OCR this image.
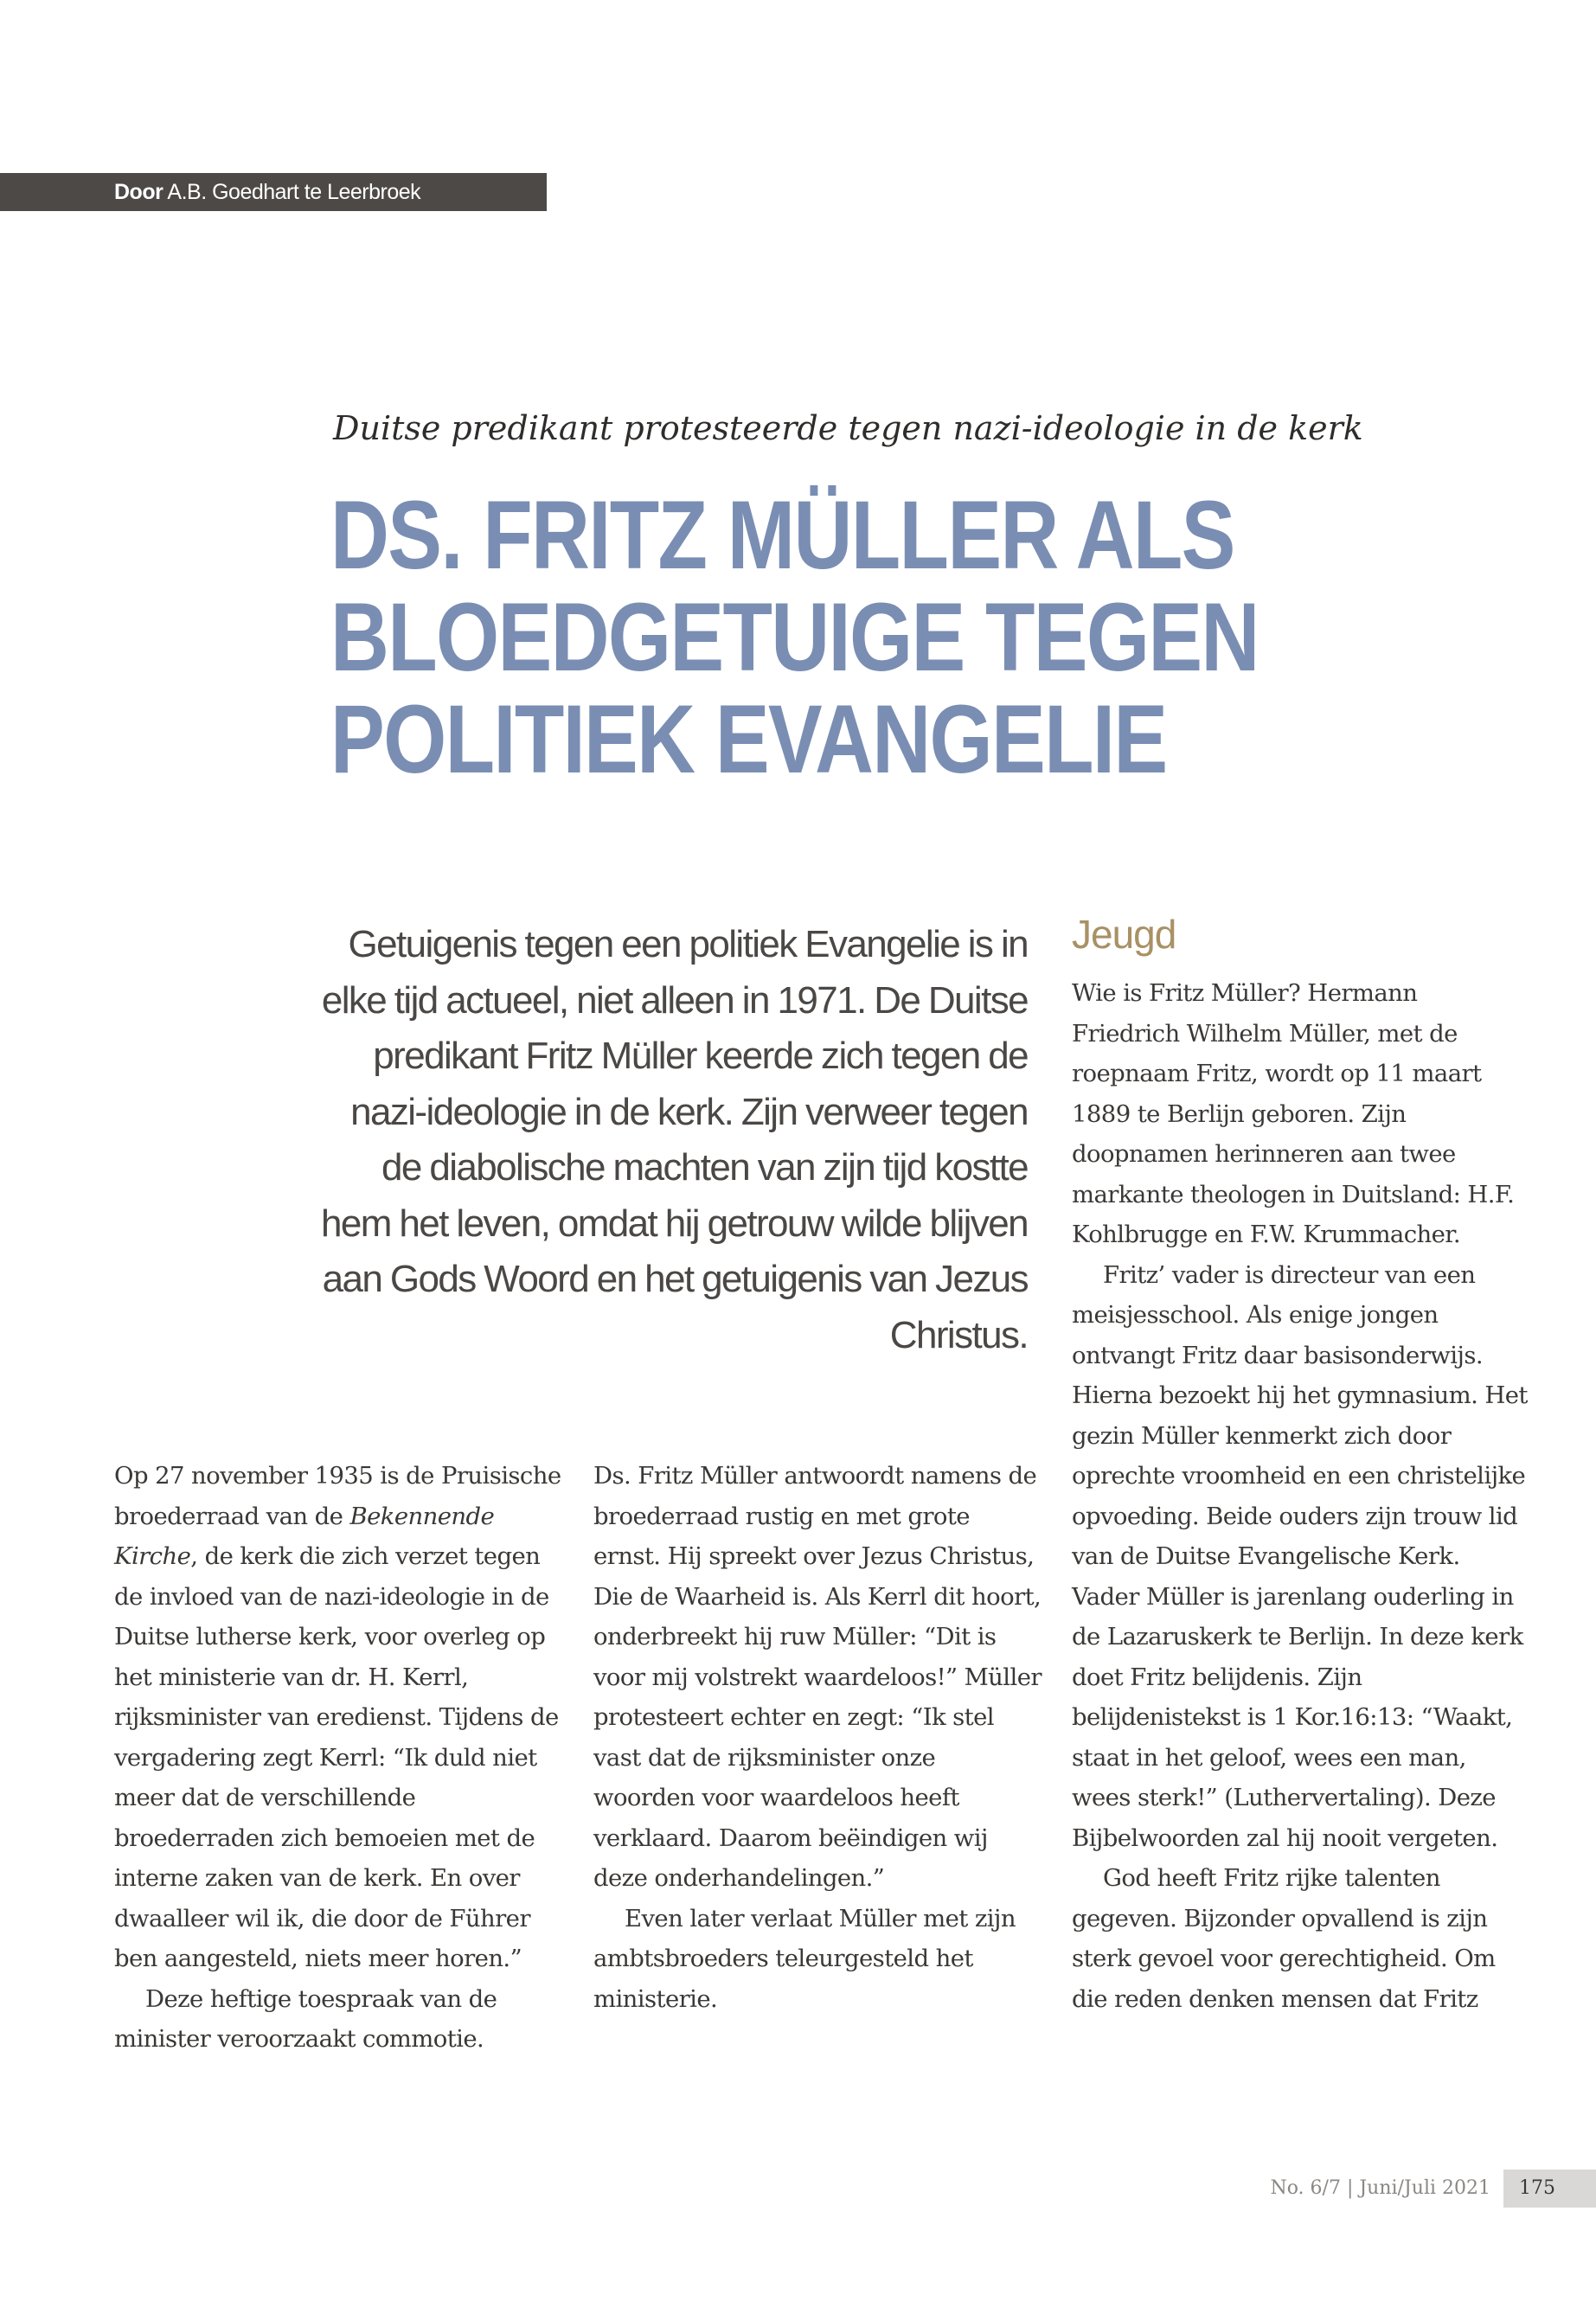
Door A.B. Goedhart te Leerbroek
Duitse predikant protesteerde tegen nazi-ideologie in de kerk
DS. FRITZ MÜLLER ALS
BLOEDGETUIGE TEGEN
POLITIEK EVANGELIE
Getuigenis tegen een politiek Evangelie is in elke tijd actueel, niet alleen in 1971. De Duitse predikant Fritz Müller keerde zich tegen de nazi-ideologie in de kerk. Zijn verweer tegen de diabolische machten van zijn tijd kostte hem het leven, omdat hij getrouw wilde blijven aan Gods Woord en het getuigenis van Jezus Christus.

Op 27 november 1935 is de Pruisische broederraad van de Bekennende Kirche, de kerk die zich verzet tegen de invloed van de nazi-ideologie in de Duitse lutherse kerk, voor overleg op het ministerie van dr. H. Kerrl, rijksminister van eredienst. Tijdens de vergadering zegt Kerrl: “Ik duld niet meer dat de verschillende broederraden zich bemoeien met de interne zaken van de kerk. En over dwaalleer wil ik, die door de Führer ben aangesteld, niets meer horen.”

Deze heftige toespraak van de minister veroorzaakt commotie.

Ds. Fritz Müller antwoordt namens de broederraad rustig en met grote ernst. Hij spreekt over Jezus Christus, Die de Waarheid is. Als Kerrl dit hoort, onderbreekt hij ruw Müller: “Dit is voor mij volstrekt waardeloos!” Müller protesteert echter en zegt: “Ik stel vast dat de rijksminister onze woorden voor waardeloos heeft verklaard. Daarom beëindigen wij deze onderhandelingen.”

Even later verlaat Müller met zijn ambtsbroeders teleurgesteld het ministerie.

Jeugd

Wie is Fritz Müller? Hermann Friedrich Wilhelm Müller, met de roepnaam Fritz, wordt op 11 maart 1889 te Berlijn geboren. Zijn doopnamen herinneren aan twee markante theologen in Duitsland: H.F. Kohlbrugge en F.W. Krummacher.

Fritz’ vader is directeur van een meisjesschool. Als enige jongen ontvangt Fritz daar basisonderwijs. Hierna bezoekt hij het gymnasium. Het gezin Müller kenmerkt zich door oprechte vroomheid en een christelijke opvoeding. Beide ouders zijn trouw lid van de Duitse Evangelische Kerk. Vader Müller is jarenlang ouderling in de Lazaruskerk te Berlijn. In deze kerk doet Fritz belijdenis. Zijn belijdenistekst is 1 Kor.16:13: “Waakt, staat in het geloof, wees een man, wees sterk!” (Luthervertaling). Deze Bijbelwoorden zal hij nooit vergeten.

God heeft Fritz rijke talenten gegeven. Bijzonder opvallend is zijn sterk gevoel voor gerechtigheid. Om die reden denken mensen dat Fritz

No. 6/7 | Juni/Juli 2021	175
